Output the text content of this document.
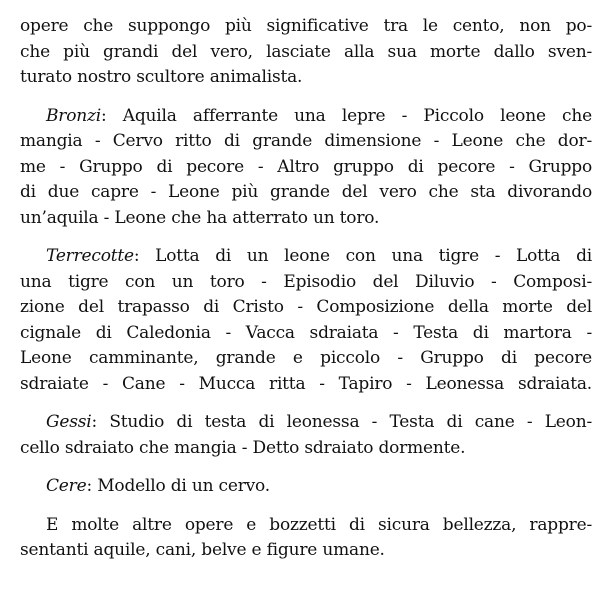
opere che suppongo più significative tra le cento, non po-
che più grandi del vero, lasciate alla sua morte dallo sven-
turato nostro scultore animalista.
Bronzi: Aquila afferrante una lepre - Piccolo leone che
mangia - Cervo ritto di grande dimensione - Leone che dor-
me - Gruppo di pecore - Altro gruppo di pecore - Gruppo
di due capre - Leone più grande del vero che sta divorando
un’aquila - Leone che ha atterrato un toro.
Terrecotte: Lotta di un leone con una tigre - Lotta di
una tigre con un toro - Episodio del Diluvio - Composi-
zione del trapasso di Cristo - Composizione della morte del
cignale di Caledonia - Vacca sdraiata - Testa di martora -
Leone camminante, grande e piccolo - Gruppo di pecore
sdraiate - Cane - Mucca ritta - Tapiro - Leonessa sdraiata.
Gessi: Studio di testa di leonessa - Testa di cane - Leon-
cello sdraiato che mangia - Detto sdraiato dormente.
Cere: Modello di un cervo.
E molte altre opere e bozzetti di sicura bellezza, rappre-
sentanti aquile, cani, belve e figure umane.
